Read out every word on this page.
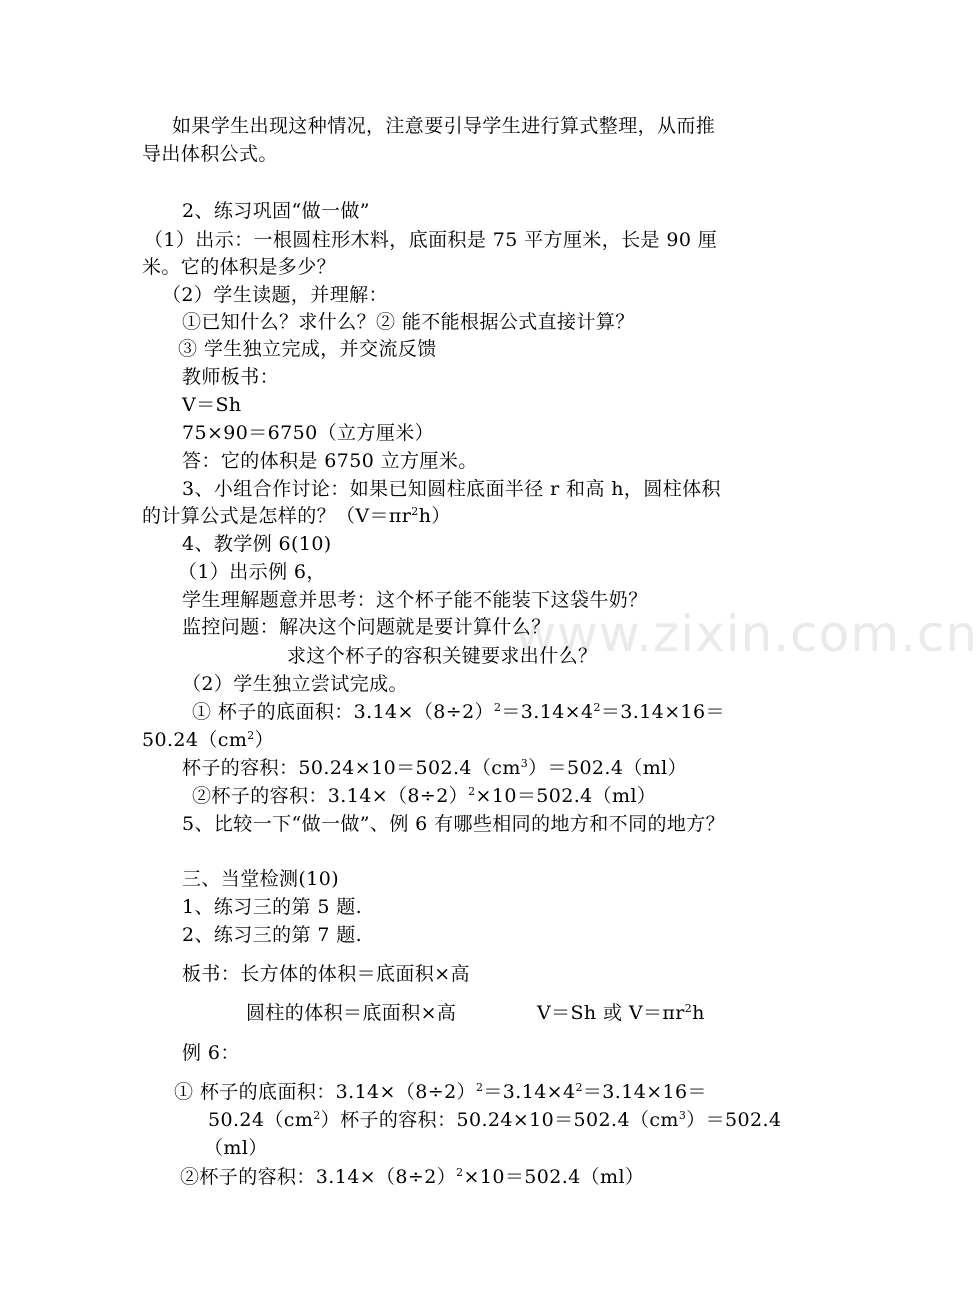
www.zixin.com.cn
如果学生出现这种情况，注意要引导学生进行算式整理，从而推
导出体积公式。
2、练习巩固“做一做”
（1）出示：一根圆柱形木料，底面积是 75 平方厘米，长是 90 厘
米。它的体积是多少？
（2）学生读题，并理解：
①已知什么？求什么？② 能不能根据公式直接计算？
③ 学生独立完成，并交流反馈
教师板书：
V＝Sh
75×90＝6750（立方厘米）
答：它的体积是 6750 立方厘米。
3、小组合作讨论：如果已知圆柱底面半径 r 和高 h，圆柱体积
的计算公式是怎样的？$(V=\pi r^2h)$
4、教学例 6(10)
（1）出示例 6，
学生理解题意并思考：这个杯子能不能装下这袋牛奶？
监控问题：解决这个问题就是要计算什么？
求这个杯子的容积关键要求出什么？
（2）学生独立尝试完成。
① 杯子的底面积：$3.14\times(8\div 2)^2=3.14\times 4^2=3.14\times 16=$
$50.24(cm^2)$
杯子的容积：$50.24\times 10=502.4(cm^3)=502.4(ml)$
②杯子的容积：$3.14\times(8\div 2)^2\times 10=502.4(ml)$
5、比较一下“做一做”、例 6 有哪些相同的地方和不同的地方？
三、当堂检测(10)
1、练习三的第 5 题.
2、练习三的第 7 题.
板书：长方体的体积＝底面积×高
圆柱的体积＝底面积×高	V＝Sh 或 $V=\pi r^2h$
例 6：
① 杯子的底面积：$3.14\times(8\div 2)^2=3.14\times 4^2=3.14\times 16=$
$50.24(cm^2)$杯子的容积：$50.24\times 10=502.4(cm^3)=502.4$
（ml）
②杯子的容积：$3.14\times(8\div 2)^2\times 10=502.4(ml)$
